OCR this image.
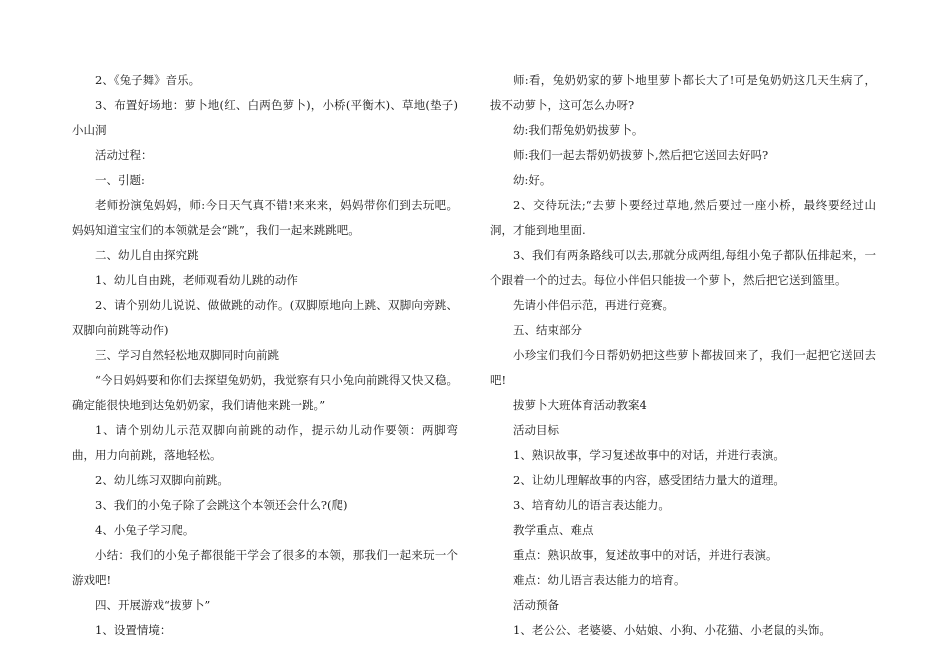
2、《兔子舞》音乐。

3、布置好场地：萝卜地(红、白两色萝卜)，小桥(平衡木)、草地(垫子)小山洞

活动过程：

一、引题:

老师扮演兔妈妈，师:今日天气真不错!来来来，妈妈带你们到去玩吧。妈妈知道宝宝们的本领就是会“跳”，我们一起来跳跳吧。

二、幼儿自由探究跳

1、幼儿自由跳，老师观看幼儿跳的动作

2、请个别幼儿说说、做做跳的动作。(双脚原地向上跳、双脚向旁跳、双脚向前跳等动作)

三、学习自然轻松地双脚同时向前跳

“今日妈妈要和你们去探望兔奶奶，我觉察有只小兔向前跳得又快又稳。确定能很快地到达兔奶奶家，我们请他来跳一跳。”

1、请个别幼儿示范双脚向前跳的动作，提示幼儿动作要领：两脚弯曲，用力向前跳，落地轻松。

2、幼儿练习双脚向前跳。

3、我们的小兔子除了会跳这个本领还会什么?(爬)

4、小兔子学习爬。

小结：我们的小兔子都很能干学会了很多的本领，那我们一起来玩一个游戏吧!

四、开展游戏“拔萝卜”

1、设置情境：

师:看，兔奶奶家的萝卜地里萝卜都长大了!可是兔奶奶这几天生病了，拔不动萝卜，这可怎么办呀?

幼:我们帮兔奶奶拔萝卜。

师:我们一起去帮奶奶拔萝卜,然后把它送回去好吗?

幼:好。

2、交待玩法;“去萝卜要经过草地,然后要过一座小桥，最终要经过山洞，才能到地里面.

3、我们有两条路线可以去,那就分成两组,每组小兔子都队伍排起来，一个跟着一个的过去。每位小伴侣只能拔一个萝卜，然后把它送到篮里。

先请小伴侣示范，再进行竞赛。

五、结束部分

小珍宝们我们今日帮奶奶把这些萝卜都拔回来了，我们一起把它送回去吧!

拔萝卜大班体育活动教案4

活动目标

1、熟识故事，学习复述故事中的对话，并进行表演。

2、让幼儿理解故事的内容，感受团结力量大的道理。

3、培育幼儿的语言表达能力。

教学重点、难点

重点：熟识故事，复述故事中的对话，并进行表演。

难点：幼儿语言表达能力的培育。

活动预备

1、老公公、老婆婆、小姑娘、小狗、小花猫、小老鼠的头饰。
